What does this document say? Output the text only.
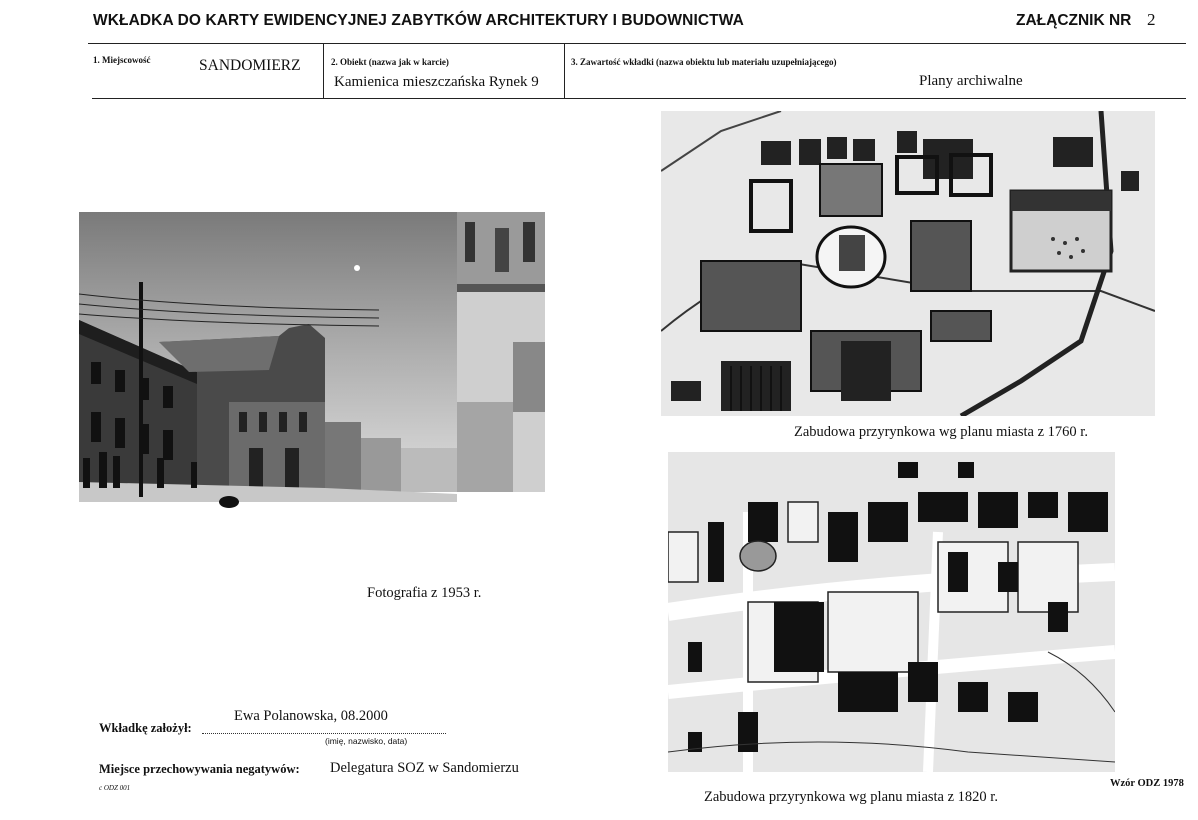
WKŁADKA DO KARTY EWIDENCYJNEJ ZABYTKÓW ARCHITEKTURY I BUDOWNICTWA	ZAŁĄCZNIK NR 2
1. Miejscowość	SANDOMIERZ	2. Obiekt (nazwa jak w karcie)
Kamienica mieszczańska Rynek 9
3. Zawartość wkładki (nazwa obiektu lub materiału uzupełniającego)
Plany archiwalne
Fotografia z 1953 r.
Zabudowa przyrynkowa wg planu miasta z 1760 r.
Zabudowa przyrynkowa wg planu miasta z 1820 r.
Wkładkę założył:
Ewa Polanowska, 08.2000
(imię, nazwisko, data)
Miejsce przechowywania negatywów: Delegatura SOZ w Sandomierzu
c ODZ 001	Wzór ODZ 1978
